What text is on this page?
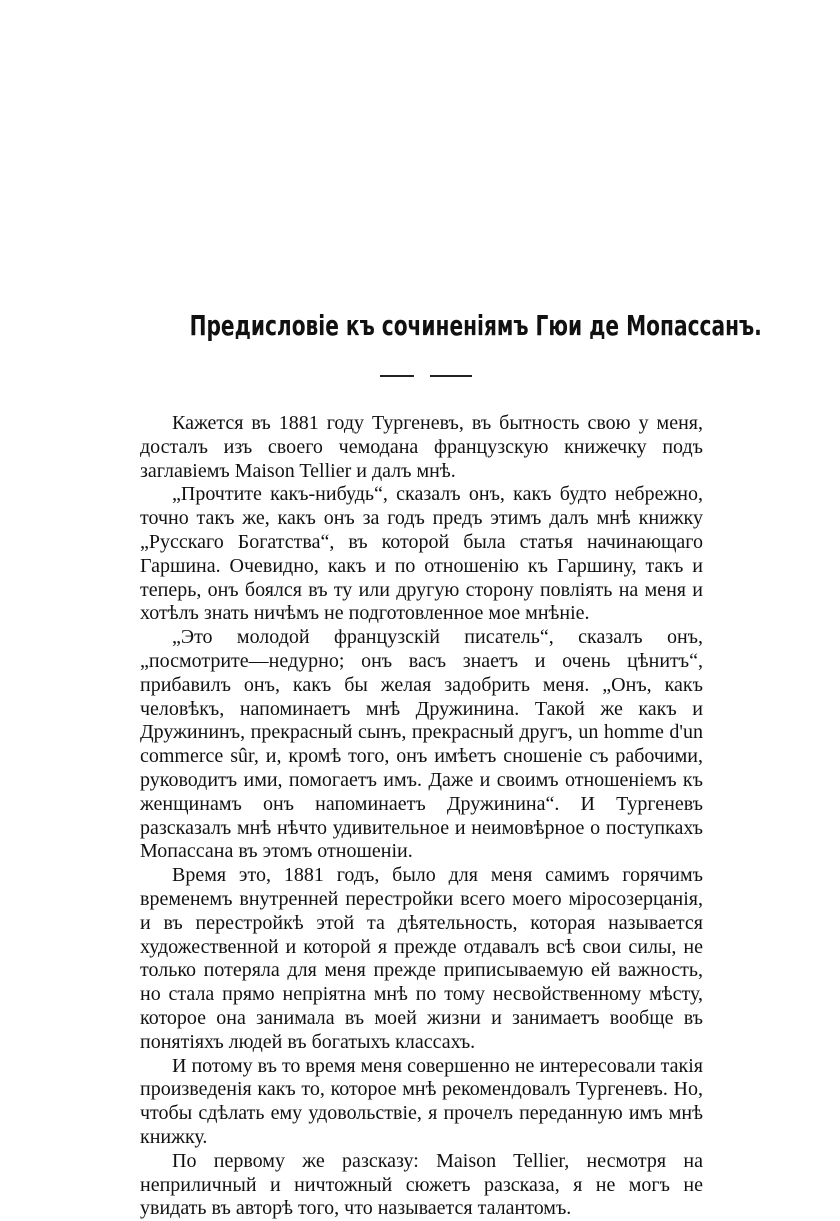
Предисловіе къ сочиненіямъ Гюи де Мопассанъ.

Кажется въ 1881 году Тургеневъ, въ бытность свою у меня, досталъ изъ своего чемодана французскую книжечку подъ заглавіемъ Maison Tellier и далъ мнѣ.

„Прочтите какъ-нибудь“, сказалъ онъ, какъ будто небрежно, точно такъ же, какъ онъ за годъ предъ этимъ далъ мнѣ книжку „Русскаго Богатства“, въ которой была статья начинающаго Гаршина. Очевидно, какъ и по отношенію къ Гаршину, такъ и теперь, онъ боялся въ ту или другую сторону повліять на меня и хотѣлъ знать ничѣмъ не подготовленное мое мнѣніе.

„Это молодой французскій писатель“, сказалъ онъ, „посмотрите—недурно; онъ васъ знаетъ и очень цѣнитъ“, прибавилъ онъ, какъ бы желая задобрить меня. „Онъ, какъ человѣкъ, напоминаетъ мнѣ Дружинина. Такой же какъ и Дружининъ, прекрасный сынъ, прекрасный другъ, un homme d'un commerce sûr, и, кромѣ того, онъ имѣетъ сношеніе съ рабочими, руководитъ ими, помогаетъ имъ. Даже и своимъ отношеніемъ къ женщинамъ онъ напоминаетъ Дружинина“. И Тургеневъ разсказалъ мнѣ нѣчто удивительное и неимовѣрное о поступкахъ Мопассана въ этомъ отношеніи.

Время это, 1881 годъ, было для меня самимъ горячимъ временемъ внутренней перестройки всего моего міросозерцанія, и въ перестройкѣ этой та дѣятельность, которая называется художественной и которой я прежде отдавалъ всѣ свои силы, не только потеряла для меня прежде приписываемую ей важность, но стала прямо непріятна мнѣ по тому несвойственному мѣсту, которое она занимала въ моей жизни и занимаетъ вообще въ понятіяхъ людей въ богатыхъ классахъ.

И потому въ то время меня совершенно не интересовали такія произведенія какъ то, которое мнѣ рекомендовалъ Тургеневъ. Но, чтобы сдѣлать ему удовольствіе, я прочелъ переданную имъ мнѣ книжку.

По первому же разсказу: Maison Tellier, несмотря на неприличный и ничтожный сюжетъ разсказа, я не могъ не увидать въ авторѣ того, что называется талантомъ.
